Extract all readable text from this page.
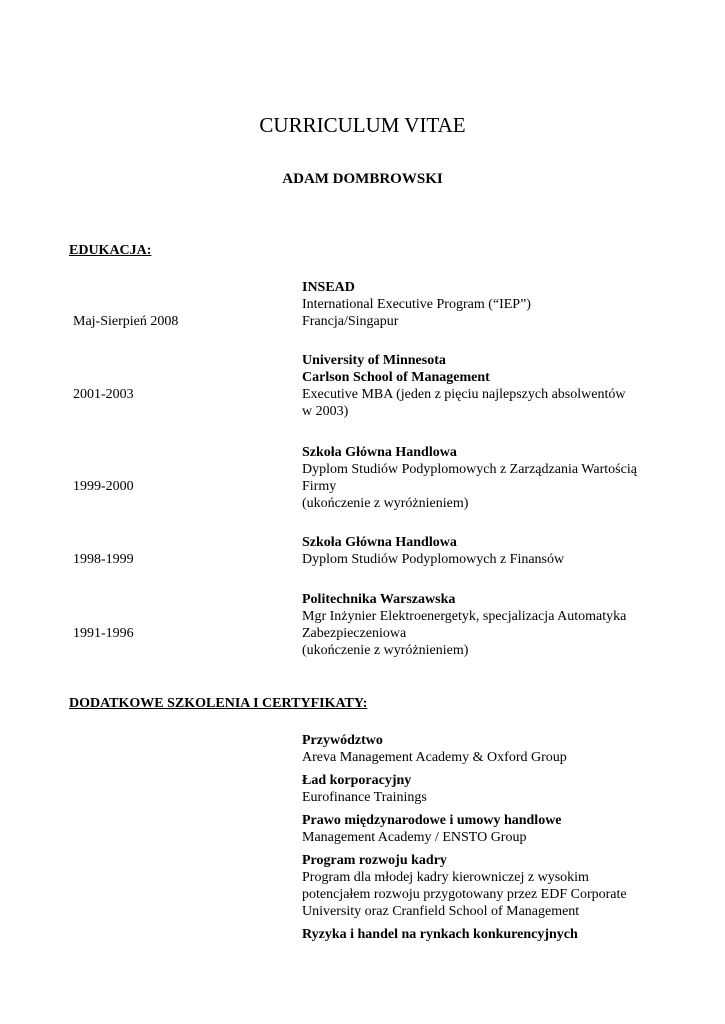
CURRICULUM VITAE
ADAM DOMBROWSKI
EDUKACJA:
INSEAD
International Executive Program (“IEP”)
Francja/Singapur
Maj-Sierpień 2008
University of Minnesota
Carlson School of Management
Executive MBA (jeden z pięciu najlepszych absolwentów
w 2003)
2001-2003
Szkoła Główna Handlowa
Dyplom Studiów Podyplomowych z Zarządzania Wartością
Firmy
(ukończenie z wyróżnieniem)
1999-2000
Szkoła Główna Handlowa
Dyplom Studiów Podyplomowych z Finansów
1998-1999
Politechnika Warszawska
Mgr Inżynier Elektroenergetyk, specjalizacja Automatyka
Zabezpieczeniowa
(ukończenie z wyróżnieniem)
1991-1996
DODATKOWE SZKOLENIA I CERTYFIKATY:
Przywództwo
Areva Management Academy & Oxford Group
Ład korporacyjny
Eurofinance Trainings
Prawo międzynarodowe i umowy handlowe
Management Academy / ENSTO Group
Program rozwoju kadry
Program dla młodej kadry kierowniczej z wysokim
potencjałem rozwoju przygotowany przez EDF Corporate
University oraz Cranfield School of Management
Ryzyka i handel na rynkach konkurencyjnych
